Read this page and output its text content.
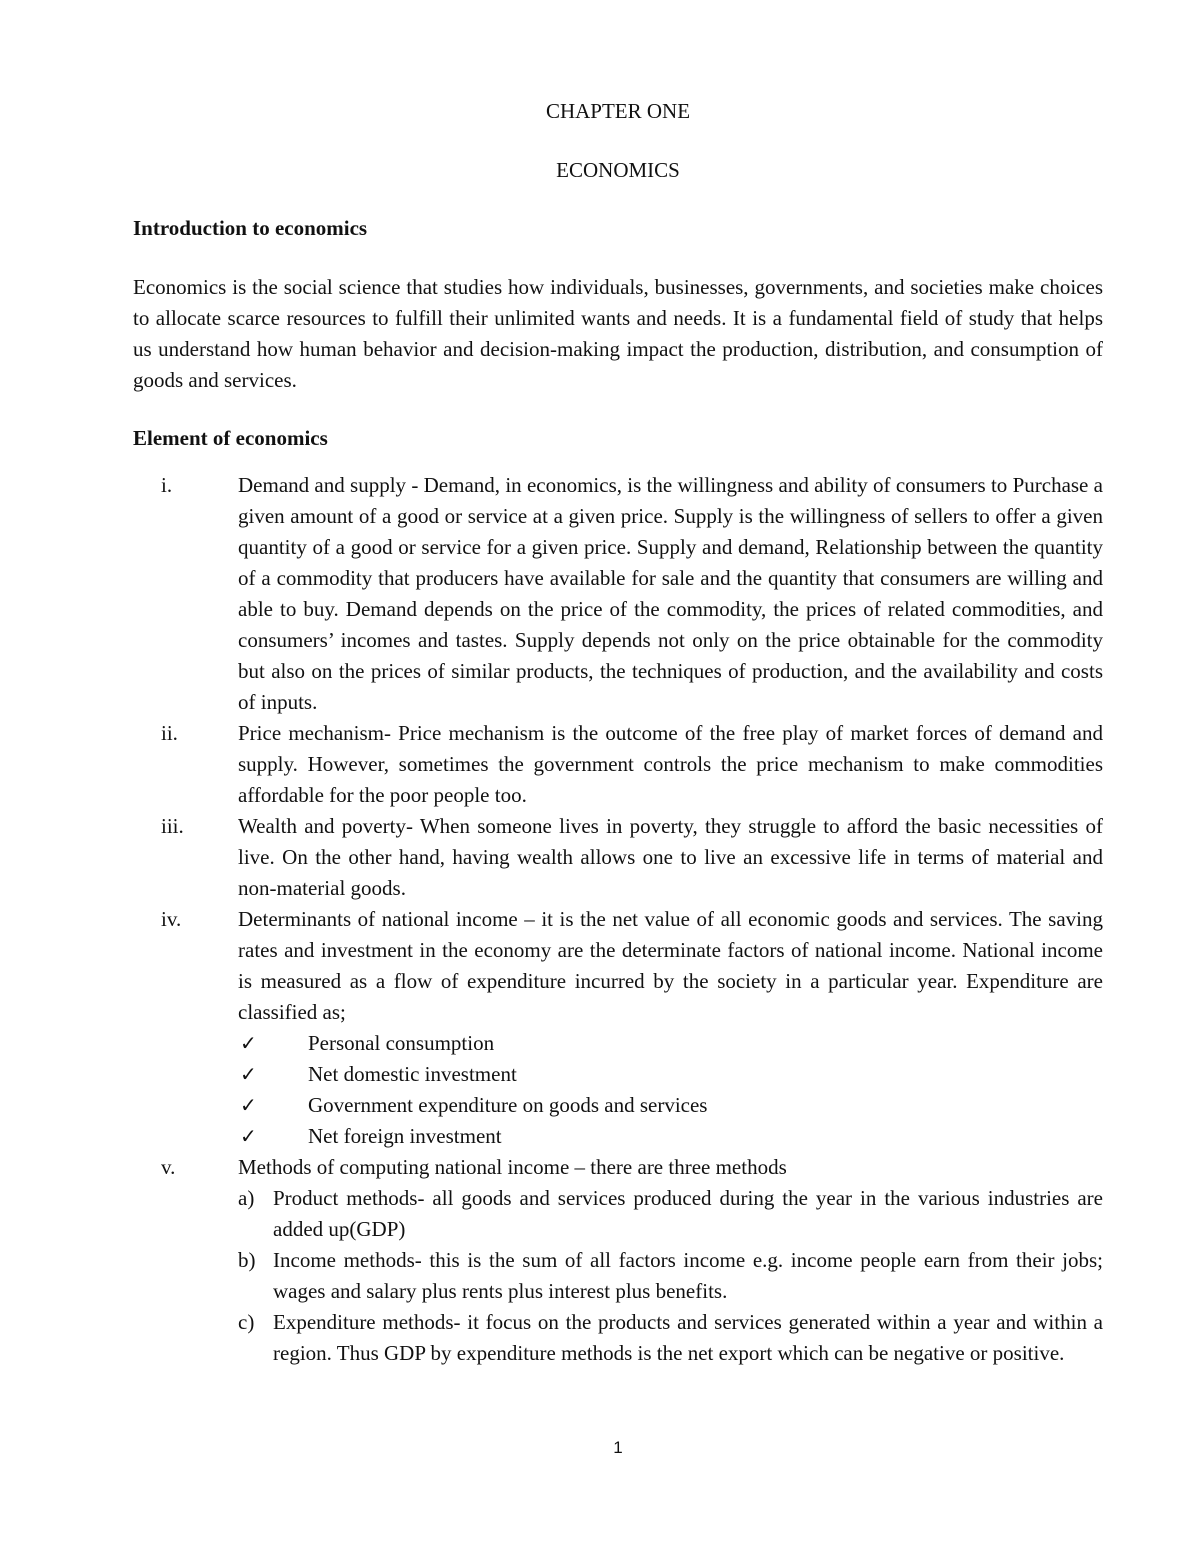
CHAPTER ONE
ECONOMICS
Introduction to economics
Economics is the social science that studies how individuals, businesses, governments, and societies make choices to allocate scarce resources to fulfill their unlimited wants and needs. It is a fundamental field of study that helps us understand how human behavior and decision-making impact the production, distribution, and consumption of goods and services.
Element of economics
i.	Demand and supply - Demand, in economics, is the willingness and ability of consumers to Purchase a given amount of a good or service at a given price. Supply is the willingness of sellers to offer a given quantity of a good or service for a given price. Supply and demand, Relationship between the quantity of a commodity that producers have available for sale and the quantity that consumers are willing and able to buy. Demand depends on the price of the commodity, the prices of related commodities, and consumers’ incomes and tastes. Supply depends not only on the price obtainable for the commodity but also on the prices of similar products, the techniques of production, and the availability and costs of inputs.
ii.	Price mechanism- Price mechanism is the outcome of the free play of market forces of demand and supply. However, sometimes the government controls the price mechanism to make commodities affordable for the poor people too.
iii.	Wealth and poverty- When someone lives in poverty, they struggle to afford the basic necessities of live. On the other hand, having wealth allows one to live an excessive life in terms of material and non-material goods.
iv.	Determinants of national income – it is the net value of all economic goods and services. The saving rates and investment in the economy are the determinate factors of national income. National income is measured as a flow of expenditure incurred by the society in a particular year. Expenditure are classified as;
✓ Personal consumption
✓ Net domestic investment
✓ Government expenditure on goods and services
✓ Net foreign investment
v.	Methods of computing national income – there are three methods
a) Product methods- all goods and services produced during the year in the various industries are added up(GDP)
b) Income methods- this is the sum of all factors income e.g. income people earn from their jobs; wages and salary plus rents plus interest plus benefits.
c) Expenditure methods- it focus on the products and services generated within a year and within a region. Thus GDP by expenditure methods is the net export which can be negative or positive.
1
